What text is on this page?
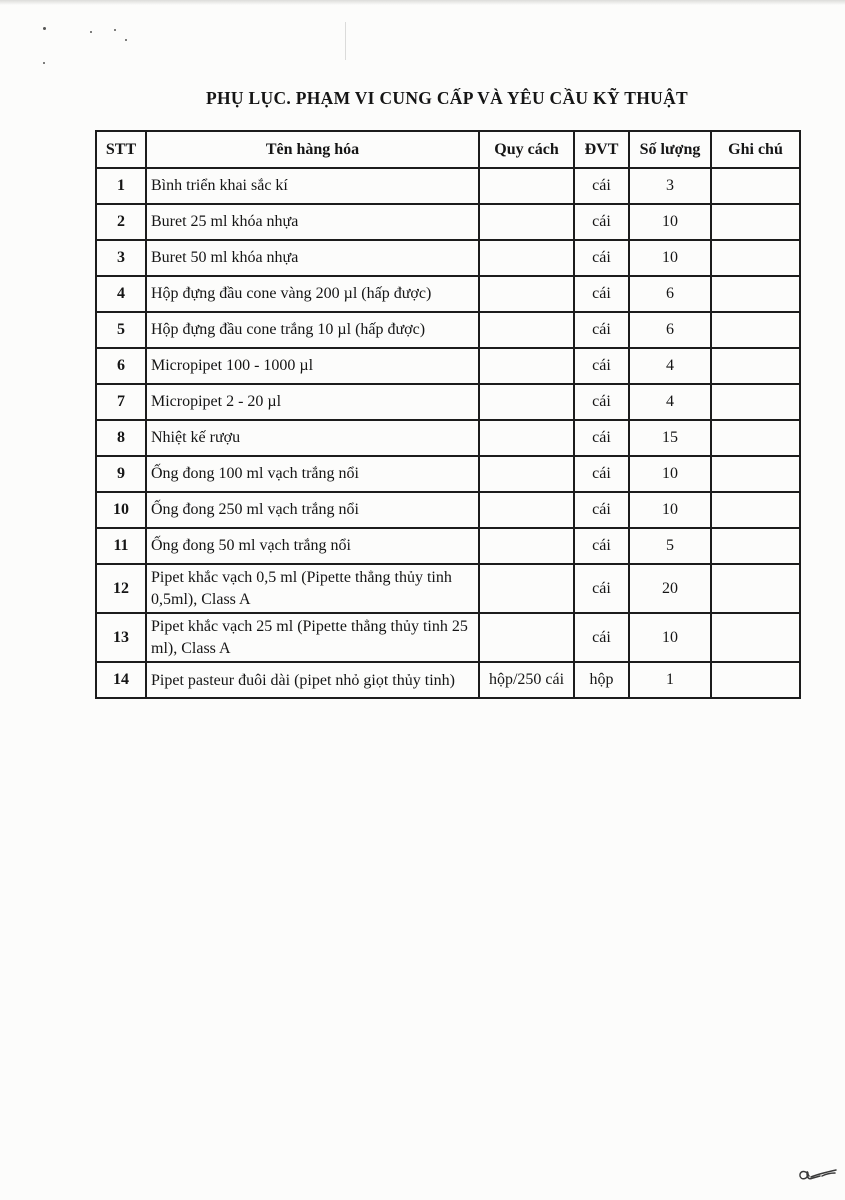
PHỤ LỤC. PHẠM VI CUNG CẤP VÀ YÊU CẦU KỸ THUẬT
STT	Tên hàng hóa	Quy cách	ĐVT	Số lượng	Ghi chú
1	Bình triển khai sắc kí		cái	3	
2	Buret 25 ml khóa nhựa		cái	10	
3	Buret 50 ml khóa nhựa		cái	10	
4	Hộp đựng đầu cone vàng 200 µl (hấp được)		cái	6	
5	Hộp đựng đầu cone trắng 10 µl (hấp được)		cái	6	
6	Micropipet 100 - 1000 µl		cái	4	
7	Micropipet 2 - 20 µl		cái	4	
8	Nhiệt kế rượu		cái	15	
9	Ống đong 100 ml vạch trắng nổi		cái	10	
10	Ống đong 250 ml vạch trắng nổi		cái	10	
11	Ống đong 50 ml vạch trắng nổi		cái	5	
12	Pipet khắc vạch 0,5 ml (Pipette thẳng thủy tinh 0,5ml), Class A		cái	20	
13	Pipet khắc vạch 25 ml (Pipette thẳng thủy tinh 25 ml), Class A		cái	10	
14	Pipet pasteur đuôi dài (pipet nhỏ giọt thủy tinh)	hộp/250 cái	hộp	1	
